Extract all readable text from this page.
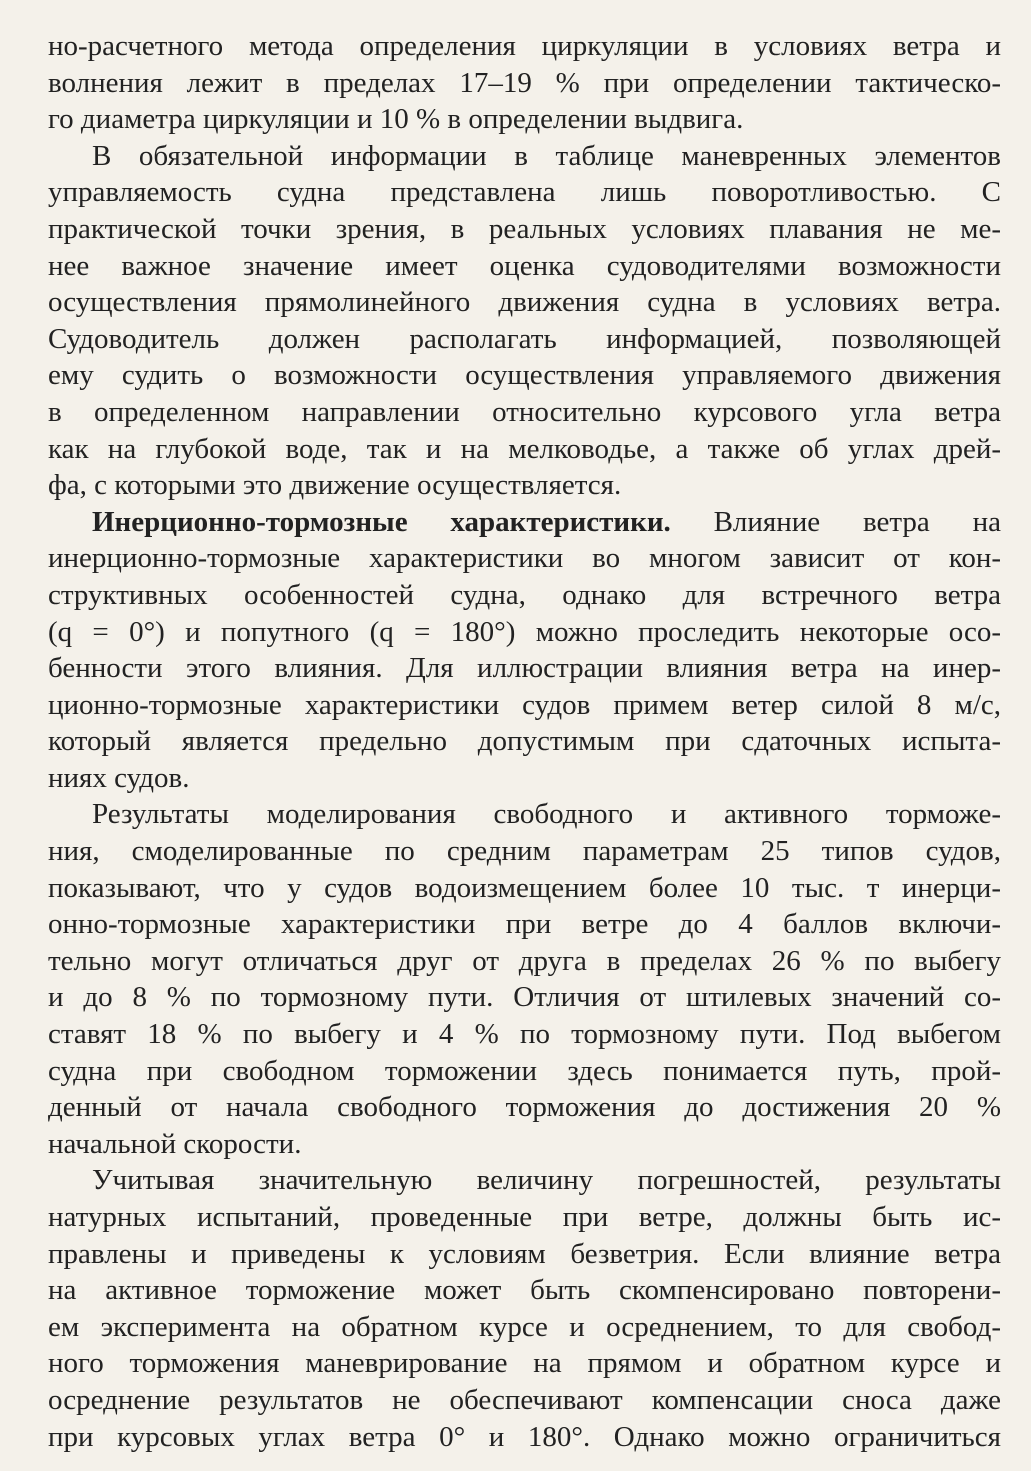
но-расчетного метода определения циркуляции в условиях ветра и
волнения лежит в пределах 17–19 % при определении тактическо-
го диаметра циркуляции и 10 % в определении выдвига.

В обязательной информации в таблице маневренных элементов
управляемость судна представлена лишь поворотливостью. С
практической точки зрения, в реальных условиях плавания не ме-
нее важное значение имеет оценка судоводителями возможности
осуществления прямолинейного движения судна в условиях ветра.
Судоводитель должен располагать информацией, позволяющей
ему судить о возможности осуществления управляемого движения
в определенном направлении относительно курсового угла ветра
как на глубокой воде, так и на мелководье, а также об углах дрей-
фа, с которыми это движение осуществляется.

Инерционно-тормозные характеристики. Влияние ветра на
инерционно-тормозные характеристики во многом зависит от кон-
структивных особенностей судна, однако для встречного ветра
(q = 0°) и попутного (q = 180°) можно проследить некоторые осо-
бенности этого влияния. Для иллюстрации влияния ветра на инер-
ционно-тормозные характеристики судов примем ветер силой 8 м/с,
который является предельно допустимым при сдаточных испыта-
ниях судов.

Результаты моделирования свободного и активного торможе-
ния, смоделированные по средним параметрам 25 типов судов,
показывают, что у судов водоизмещением более 10 тыс. т инерци-
онно-тормозные характеристики при ветре до 4 баллов включи-
тельно могут отличаться друг от друга в пределах 26 % по выбегу
и до 8 % по тормозному пути. Отличия от штилевых значений со-
ставят 18 % по выбегу и 4 % по тормозному пути. Под выбегом
судна при свободном торможении здесь понимается путь, прой-
денный от начала свободного торможения до достижения 20 %
начальной скорости.

Учитывая значительную величину погрешностей, результаты
натурных испытаний, проведенные при ветре, должны быть ис-
правлены и приведены к условиям безветрия. Если влияние ветра
на активное торможение может быть скомпенсировано повторени-
ем эксперимента на обратном курсе и осреднением, то для свобод-
ного торможения маневрирование на прямом и обратном курсе и
осреднение результатов не обеспечивают компенсации сноса даже
при курсовых углах ветра 0° и 180°. Однако можно ограничиться
